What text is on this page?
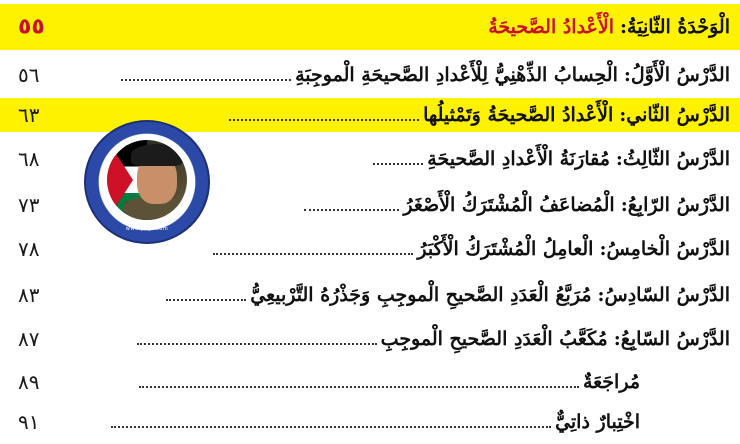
٥٥	الْوَحْدَةُ الثّانِيَةُ:
الْأَعْدادُ الصَّحيحَةُ
٥٦	الدَّرْسُ الْأَوَّلُ:
الْحِسابُ الذِّهْنِيُّ لِلْأَعْدادِ الصَّحيحَةِ الْموجِبَةِ
٦٣	الدَّرْسُ الثّاني:
الْأَعْدادُ الصَّحيحَةُ وَتَمْثيلُها
٦٨	الدَّرْسُ الثّالِثُ:
مُقارَنَةُ الْأَعْدادِ الصَّحيحَةِ
٧٣	الدَّرْسُ الرّابِعُ:
الْمُضاعَفُ الْمُشْتَرَكُ الْأَصْغَرُ
٧٨	الدَّرْسُ الْخامِسُ:
الْعامِلُ الْمُشْتَرَكُ الْأَكْبَرُ
٨٣	الدَّرْسُ السّادِسُ:
مُرَبَّعُ الْعَدَدِ الصَّحيحِ الْموجِبِ وَجَذْرُهُ التَّرْبيعِيُّ
٨٧	الدَّرْسُ السّابِعُ:
مُكَعَّبُ الْعَدَدِ الصَّحيحِ الْموجِبِ
٨٩	مُراجَعَةٌ
٩١	اخْتِبارٌ ذاتِيٌّ
www.jo-js.com
